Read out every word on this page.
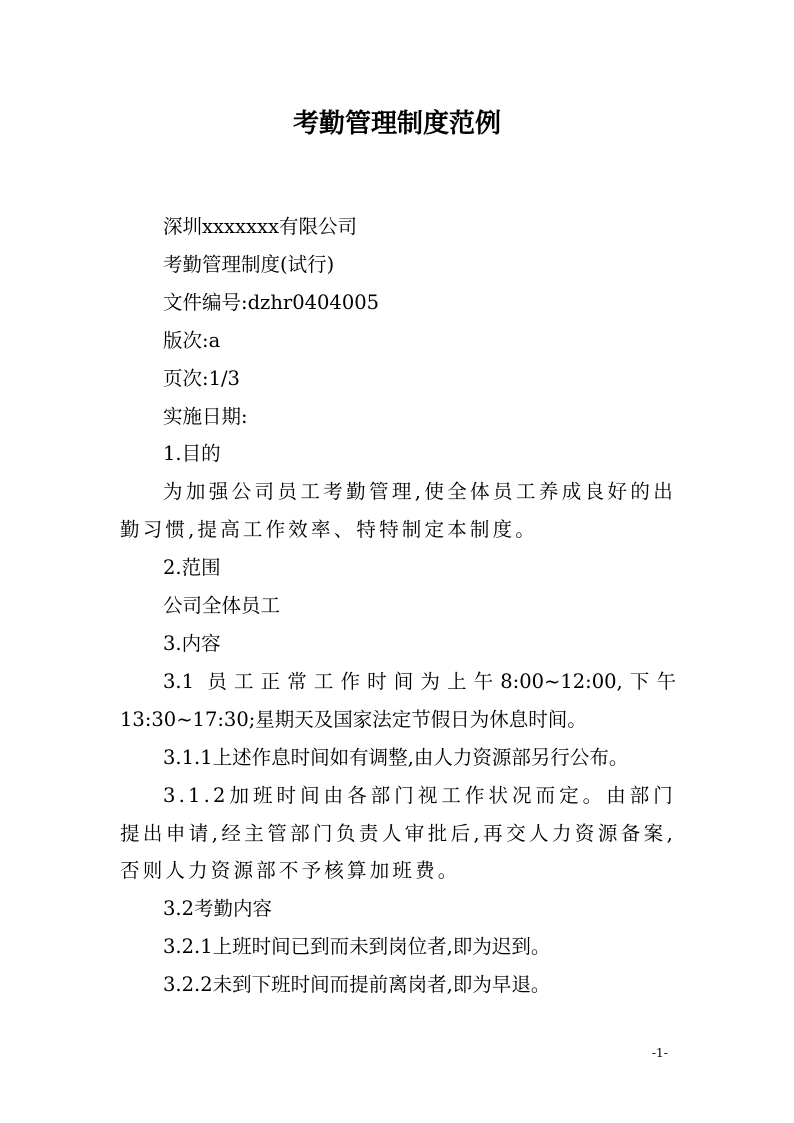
考勤管理制度范例

深圳xxxxxxx有限公司

考勤管理制度(试行)

文件编号:dzhr0404005

版次:a

页次:1/3

实施日期:

1.目的

为加强公司员工考勤管理,使全体员工养成良好的出勤习惯,提高工作效率、特特制定本制度。

2.范围

公司全体员工

3.内容

3.1 员工正常工作时间为上午8:00~12:00,下午13:30~17:30;星期天及国家法定节假日为休息时间。

3.1.1上述作息时间如有调整,由人力资源部另行公布。

3.1.2加班时间由各部门视工作状况而定。由部门提出申请,经主管部门负责人审批后,再交人力资源备案,否则人力资源部不予核算加班费。

3.2考勤内容

3.2.1上班时间已到而未到岗位者,即为迟到。

3.2.2未到下班时间而提前离岗者,即为早退。

-1-
